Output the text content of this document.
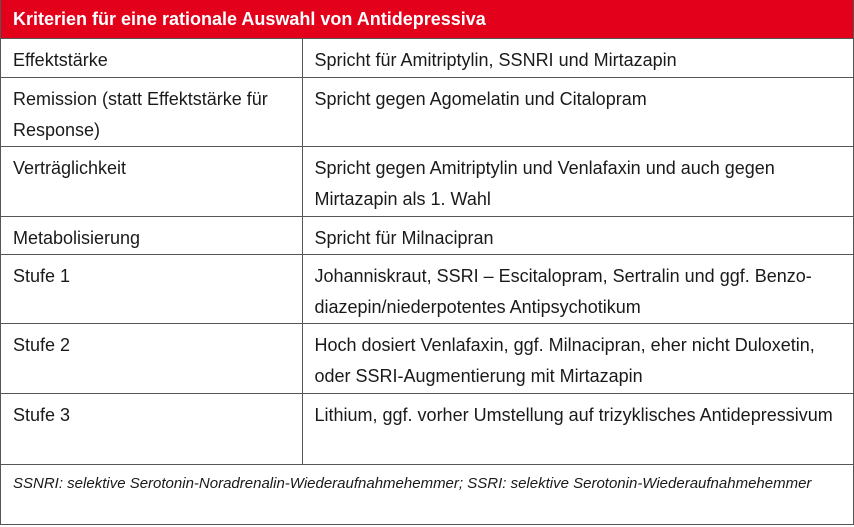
Kriterien für eine rationale Auswahl von Antidepressiva
Effektstärke	Spricht für Amitriptylin, SSNRI und Mirtazapin
Remission (statt Effektstärke für Response)	Spricht gegen Agomelatin und Citalopram
Verträglichkeit	Spricht gegen Amitriptylin und Venlafaxin und auch gegen Mirtazapin als 1. Wahl
Metabolisierung	Spricht für Milnacipran
Stufe 1	Johanniskraut, SSRI – Escitalopram, Sertralin und ggf. Benzodiazepin/niederpotentes Antipsychotikum
Stufe 2	Hoch dosiert Venlafaxin, ggf. Milnacipran, eher nicht Duloxetin, oder SSRI-Augmentierung mit Mirtazapin
Stufe 3	Lithium, ggf. vorher Umstellung auf trizyklisches Antidepressivum
SSNRI: selektive Serotonin-Noradrenalin-Wiederaufnahmehemmer; SSRI: selektive Serotonin-Wiederaufnahmehemmer
